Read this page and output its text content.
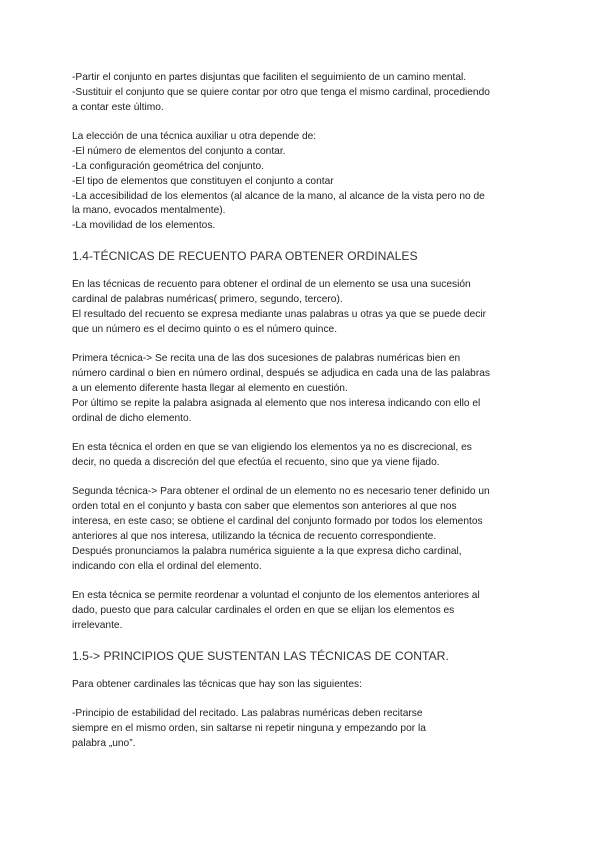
-Partir el conjunto en partes disjuntas que faciliten el seguimiento de un camino mental.
-Sustituir el conjunto que se quiere contar por otro que tenga el mismo cardinal, procediendo
a contar este último.
La elección de una técnica auxiliar u otra depende de:
-El número de elementos del conjunto a contar.
-La configuración geométrica del conjunto.
-El tipo de elementos que constituyen el conjunto a contar
-La accesibilidad de los elementos (al alcance de la mano, al alcance de la vista pero no de
la mano, evocados mentalmente).
-La movilidad de los elementos.
1.4-TÉCNICAS DE RECUENTO PARA OBTENER ORDINALES
En las técnicas de recuento para obtener el ordinal de un elemento se usa una sucesión
cardinal de palabras numéricas( primero, segundo, tercero).
El resultado del recuento se expresa mediante unas palabras u otras ya que se puede decir
que un número es el decimo quinto o es el número quince.
Primera técnica-> Se recita una de las dos sucesiones de palabras numéricas bien en
número cardinal o bien en número ordinal, después se adjudica en cada una de las palabras
a un elemento diferente hasta llegar al elemento en cuestión.
Por último se repite la palabra asignada al elemento que nos interesa indicando con ello el
ordinal de dicho elemento.
En esta técnica el orden en que se van eligiendo los elementos ya no es discrecional, es
decir, no queda a discreción del que efectúa el recuento, sino que ya viene fijado.
Segunda técnica-> Para obtener el ordinal de un elemento no es necesario tener definido un
orden total en el conjunto y basta con saber que elementos son anteriores al que nos
interesa, en este caso; se obtiene el cardinal del conjunto formado por todos los elementos
anteriores al que nos interesa, utilizando la técnica de recuento correspondiente.
Después pronunciamos la palabra numérica siguiente a la que expresa dicho cardinal,
indicando con ella el ordinal del elemento.
En esta técnica se permite reordenar a voluntad el conjunto de los elementos anteriores al
dado, puesto que para calcular cardinales el orden en que se elijan los elementos es
irrelevante.
1.5-> PRINCIPIOS QUE SUSTENTAN LAS TÉCNICAS DE CONTAR.
Para obtener cardinales las técnicas que hay son las siguientes:
-Principio de estabilidad del recitado. Las palabras numéricas deben recitarse
siempre en el mismo orden, sin saltarse ni repetir ninguna y empezando por la
palabra „uno”.
